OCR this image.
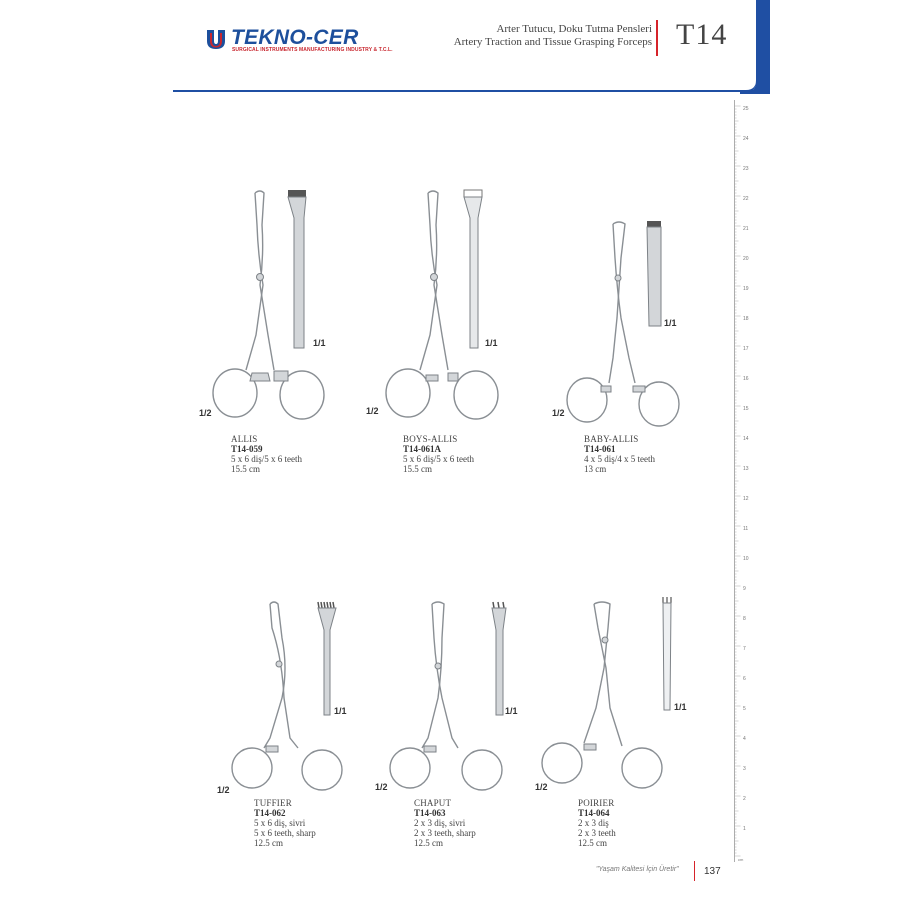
TEKNO-CER
SURGICAL INSTRUMENTS MANUFACTURING INDUSTRY & T.C.L.
Arter Tutucu, Doku Tutma Pensleri
Artery Traction and Tissue Grasping Forceps T14
25
24
23
22
21
20
19
18
17
16
15
14
13
12
11
10
9
8
7
6
5
4
3
2
1
cm
1/1
1/2
ALLIS
T14-059
5 x 6 diş/5 x 6 teeth
15.5 cm
1/1
1/2
BOYS-ALLIS
T14-061A
5 x 6 diş/5 x 6 teeth
15.5 cm
1/1
1/2
BABY-ALLIS
T14-061
4 x 5 diş/4 x 5 teeth
13 cm
1/1
1/2
TUFFIER
T14-062
5 x 6 diş, sivri
5 x 6 teeth, sharp
12.5 cm
1/1
1/2
CHAPUT
T14-063
2 x 3 diş, sivri
2 x 3 teeth, sharp
12.5 cm
1/1
1/2
POIRIER
T14-064
2 x 3 diş
2 x 3 teeth
12.5 cm
"Yaşam Kalitesi İçin Üretir"	137
